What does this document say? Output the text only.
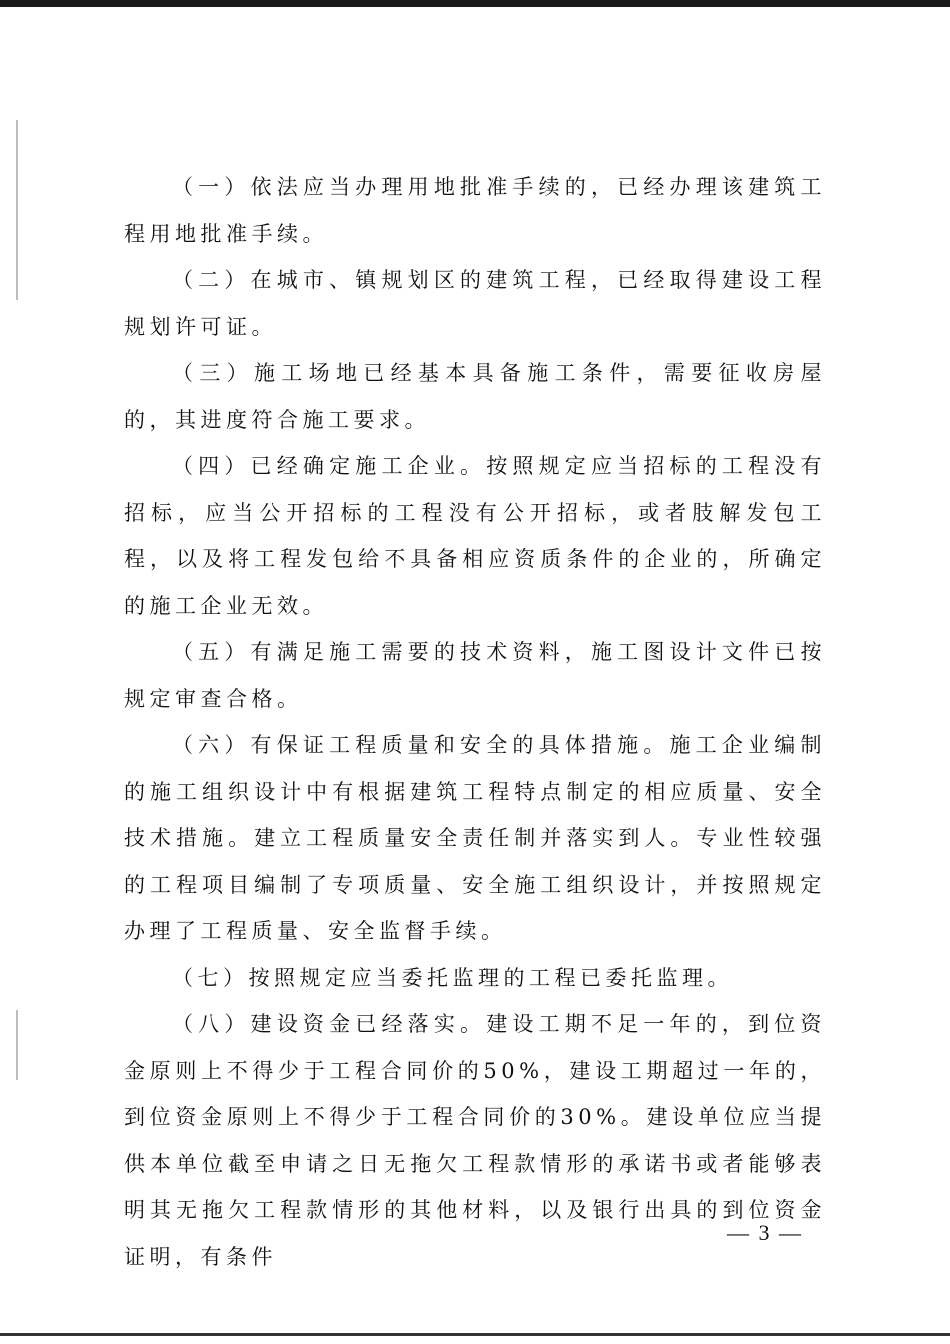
（一）依法应当办理用地批准手续的，已经办理该建筑工程用地批准手续。

（二）在城市、镇规划区的建筑工程，已经取得建设工程规划许可证。

（三）施工场地已经基本具备施工条件，需要征收房屋的，其进度符合施工要求。

（四）已经确定施工企业。按照规定应当招标的工程没有招标，应当公开招标的工程没有公开招标，或者肢解发包工程，以及将工程发包给不具备相应资质条件的企业的，所确定的施工企业无效。

（五）有满足施工需要的技术资料，施工图设计文件已按规定审查合格。

（六）有保证工程质量和安全的具体措施。施工企业编制的施工组织设计中有根据建筑工程特点制定的相应质量、安全技术措施。建立工程质量安全责任制并落实到人。专业性较强的工程项目编制了专项质量、安全施工组织设计，并按照规定办理了工程质量、安全监督手续。

（七）按照规定应当委托监理的工程已委托监理。

（八）建设资金已经落实。建设工期不足一年的，到位资金原则上不得少于工程合同价的50%，建设工期超过一年的，到位资金原则上不得少于工程合同价的30%。建设单位应当提供本单位截至申请之日无拖欠工程款情形的承诺书或者能够表明其无拖欠工程款情形的其他材料，以及银行出具的到位资金证明，有条件

— 3 —
